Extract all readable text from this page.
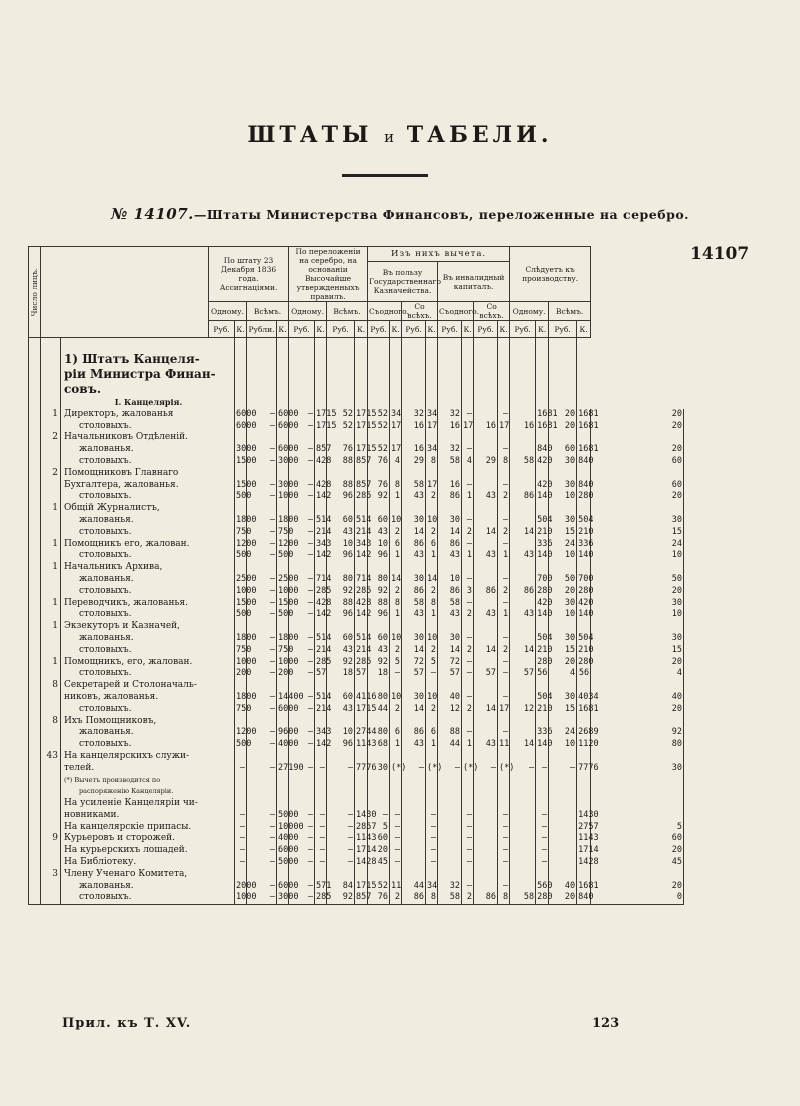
ШТАТЫ и ТАБЕЛИ.
№ 14107.—Штаты Министерства Финансовъ, переложенные на серебро.
14107
Число лицъ.			По штату 23 Декабря 1836 года. Ассигнаціями.				По переложеніи на серебро, на основаніи Высочайше утвержденныхъ правилъ.				Изъ нихъ вычета.								Слѣдуетъ къ производству.				
											Въ пользу Государственнаго Казначейства.				Въ инвалидный капиталъ.								
			Одному.		Всѣмъ.		Одному.		Всѣмъ.		Съодного.		Со всѣхъ.		Съодного.		Со всѣхъ.		Одному.		Всѣмъ.		
			Руб.	К.	Рубли.	К.	Руб.	К.	Руб.	К.	Руб.	К.	Руб.	К.	Руб.	К.	Руб.	К.	Руб.	К.	Руб.	К.	

		1) Штатъ Канцеля-																					
		ріи Министра Финан-																					
		совъ.																					
		I. Канцелярія.																					
	1	Директоръ, жалованья		6000	—	6000	—	1715	52	1715	52	34	32	34	32	—		—		1681	20	1681	20
		столовыхъ.		6000	—	6000	—	1715	52	1715	52	17	16	17	16	17	16	17	16	1681	20	1681	20
	2	Начальниковъ Отдѣленій.																					
		жалованья.		3000	—	6000	—	857	76	1715	52	17	16	34	32	—		—		840	60	1681	20
		столовыхъ.		1500	—	3000	—	428	88	857	76	4	29	8	58	4	29	8	58	420	30	840	60
	2	Помощниковъ Главнаго																					
		Бухгалтера, жалованья.		1500	—	3000	—	428	88	857	76	8	58	17	16	—		—		420	30	840	60
		столовыхъ.		500	—	1000	—	142	96	285	92	1	43	2	86	1	43	2	86	140	10	280	20
	1	Общій Журналистъ,																					
		жалованья.		1800	—	1800	—	514	60	514	60	10	30	10	30	—		—		504	30	504	30
		столовыхъ.		750	—	750	—	214	43	214	43	2	14	2	14	2	14	2	14	210	15	210	15
	1	Помощникъ его, жалован.		1200	—	1200	—	343	10	343	10	6	86	6	86	—		—		336	24	336	24
		столовыхъ.		500	—	500	—	142	96	142	96	1	43	1	43	1	43	1	43	140	10	140	10
	1	Начальникъ Архива,																					
		жалованья.		2500	—	2500	—	714	80	714	80	14	30	14	10	—		—		700	50	700	50
		столовыхъ.		1000	—	1000	—	285	92	285	92	2	86	2	86	3	86	2	86	280	20	280	20
	1	Переводчикъ, жалованья.		1500	—	1500	—	428	88	428	88	8	58	8	58	—		—		420	30	420	30
		столовыхъ.		500	—	500	—	142	96	142	96	1	43	1	43	2	43	1	43	140	10	140	10
	1	Экзекуторъ и Казначей,																					
		жалованья.		1800	—	1800	—	514	60	514	60	10	30	10	30	—		—		504	30	504	30
		столовыхъ.		750	—	750	—	214	43	214	43	2	14	2	14	2	14	2	14	210	15	210	15
	1	Помощникъ, его, жалован.		1000	—	1000	—	285	92	285	92	5	72	5	72	—		—		280	20	280	20
		столовыхъ.		200	—	200	—	57	18	57	18	—	57	—	57	—	57	—	57	56	4	56	4
	8	Секретарей и Столоначаль-																					
		никовъ, жалованья.		1800	—	14400	—	514	60	4116	80	10	30	10	40	—		—		504	30	4034	40
		столовыхъ.		750	—	6000	—	214	43	1715	44	2	14	2	12	2	14	17	12	210	15	1681	20
	8	Ихъ Помощниковъ,																					
		жалованья.		1200	—	9600	—	343	10	2744	80	6	86	6	88	—		—		336	24	2689	92
		столовыхъ.		500	—	4000	—	142	96	1143	68	1	43	1	44	1	43	11	14	140	10	1120	80
	43	На канцелярскихъ служи-																					
		телей.		—	—	27190	—	—	—	7776	30	(*)	—	(*)	—	(*)	—	(*)	—	—	—	7776	30
		(*) Вычетъ производится по																					
		распоряженію Канцеляріи.																					
		На усиленіе Канцеляріи чи-																					
		новниками.		—	—	5000	—	—	—	1430	—	—		—		—		—		—		1430	
		На канцелярскіе припасы.		—	—	10000	—	—	—	2857	5	—		—		—		—		—		2757	5
	9	Курьеровъ и сторожей.		—	—	4000	—	—	—	1143	60	—		—		—		—		—		1143	60
		На курьерскихъ лошадей.		—	—	6000	—	—	—	1714	20	—		—		—		—		—		1714	20
		На Библіотеку.		—	—	5000	—	—	—	1428	45	—		—		—		—		—		1428	45
	3	Члену Ученаго Комитета,																					
		жалованья.		2000	—	6000	—	571	84	1715	52	11	44	34	32	—		—		560	40	1681	20
		столовыхъ.		1000	—	3000	—	285	92	857	76	2	86	8	58	2	86	8	58	280	20	840	0
Прил. къ Т. XV.	123
